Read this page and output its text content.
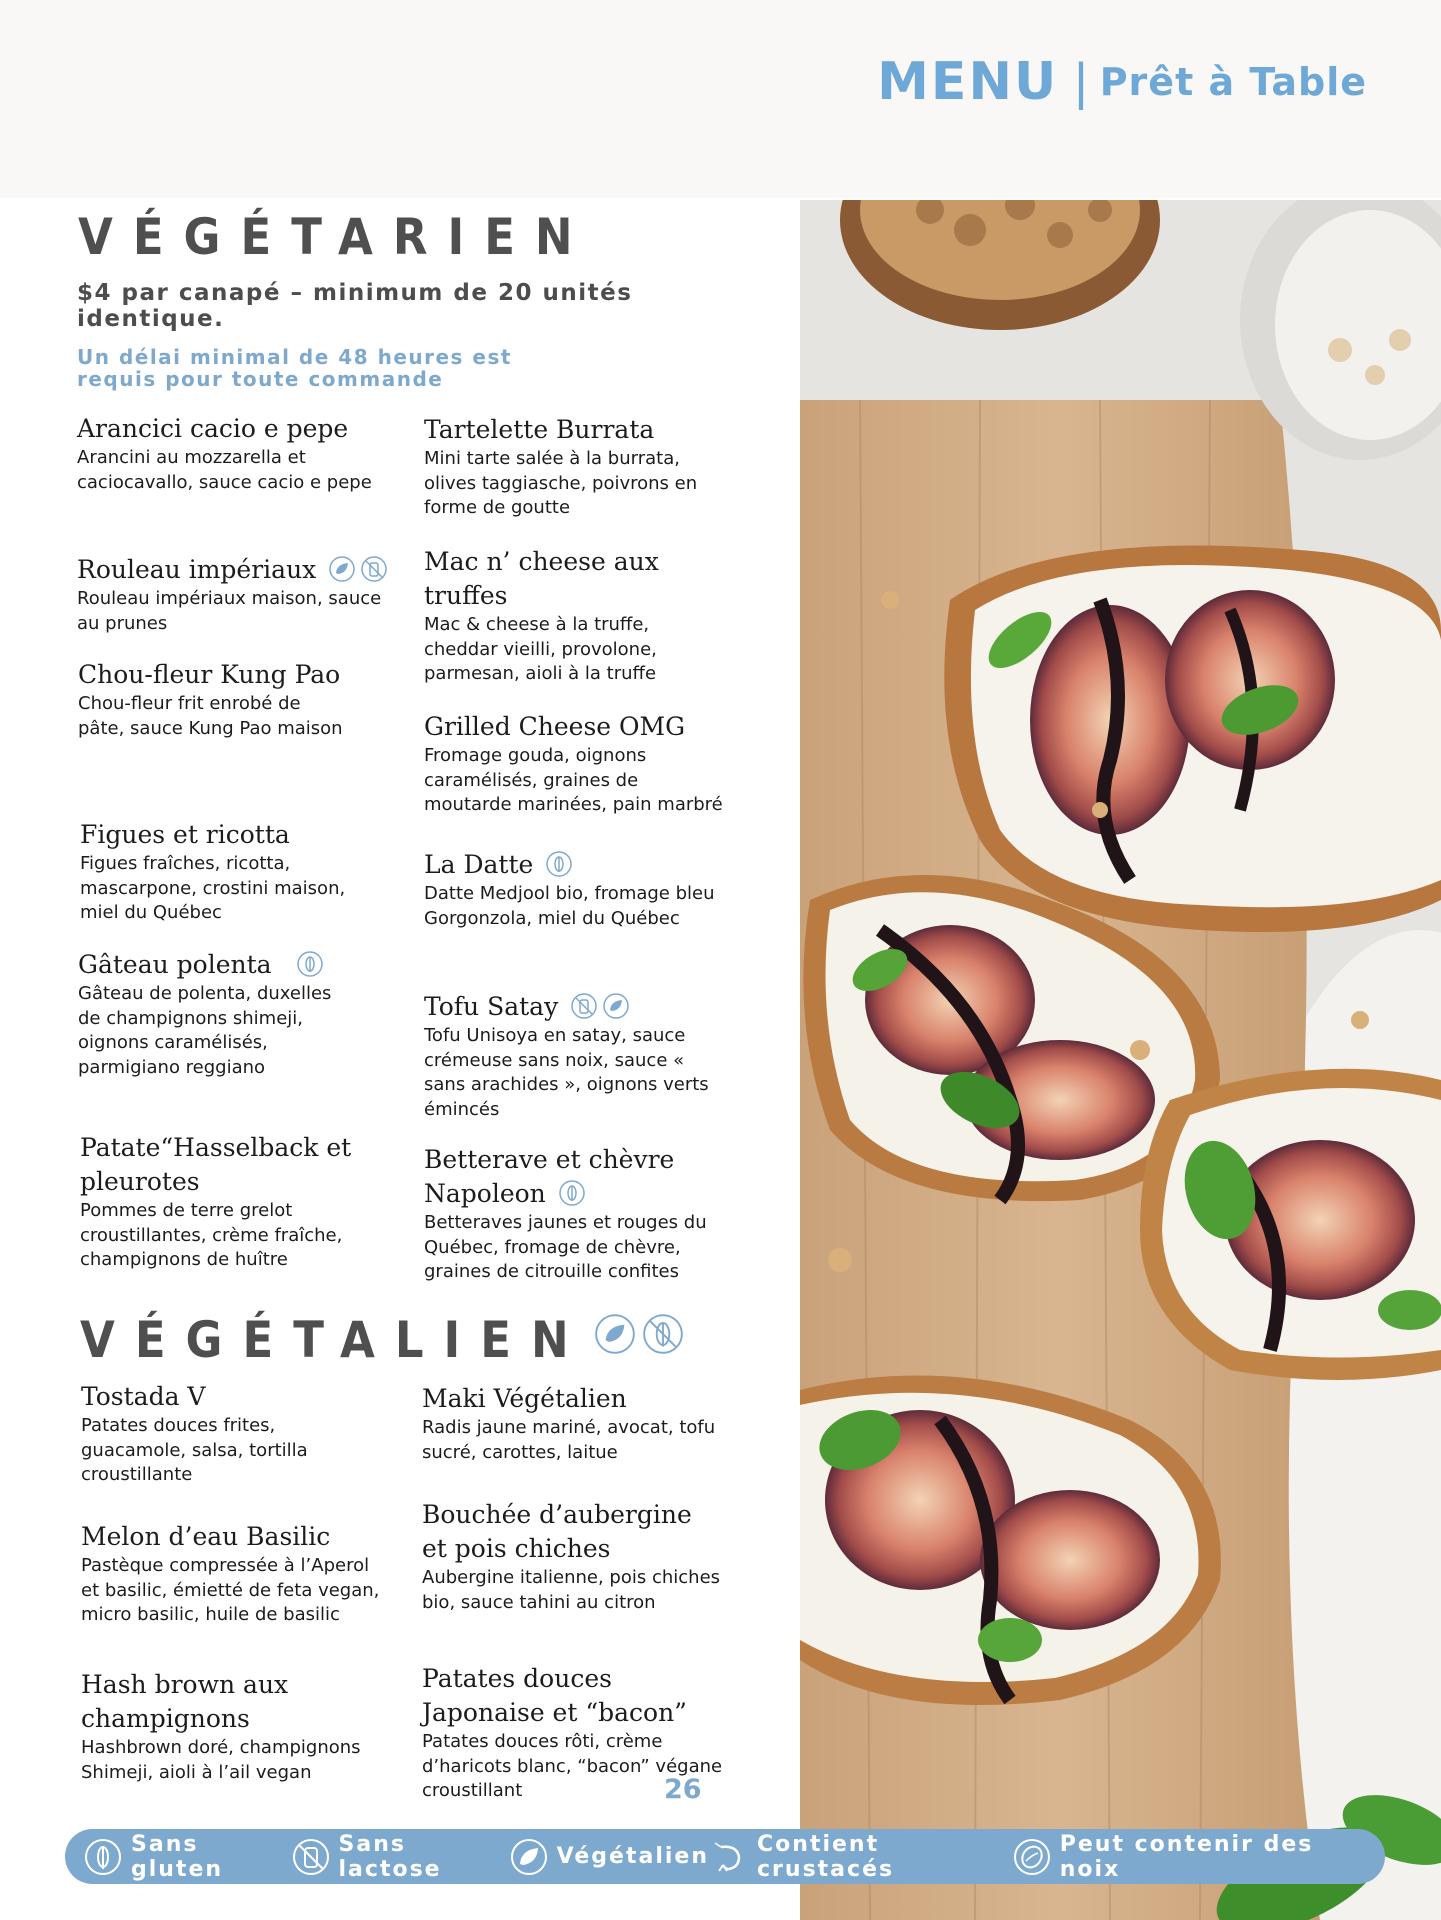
MENU | Prêt à Table
VÉGÉTARIEN
$4 par canapé – minimum de 20 unités identique.
Un délai minimal de 48 heures est requis pour toute commande
Arancici cacio e pepe
Arancini au mozzarella et caciocavallo, sauce cacio e pepe
Rouleau impériaux
Rouleau impériaux maison, sauce au prunes
Chou-fleur Kung Pao
Chou-fleur frit enrobé de pâte, sauce Kung Pao maison
Figues et ricotta
Figues fraîches, ricotta, mascarpone, crostini maison, miel du Québec
Gâteau polenta
Gâteau de polenta, duxelles de champignons shimeji, oignons caramélisés, parmigiano reggiano
Patate“Hasselback et pleurotes
Pommes de terre grelot croustillantes, crème fraîche, champignons de huître
Tartelette Burrata
Mini tarte salée à la burrata, olives taggiasche, poivrons en forme de goutte
Mac n’ cheese aux truffes
Mac & cheese à la truffe, cheddar vieilli, provolone, parmesan, aioli à la truffe
Grilled Cheese OMG
Fromage gouda, oignons caramélisés, graines de moutarde marinées, pain marbré
La Datte
Datte Medjool bio, fromage bleu Gorgonzola, miel du Québec
Tofu Satay
Tofu Unisoya en satay, sauce crémeuse sans noix, sauce « sans arachides », oignons verts émincés
Betterave et chèvre Napoleon
Betteraves jaunes et rouges du Québec, fromage de chèvre, graines de citrouille confites
VÉGÉTALIEN
Tostada V
Patates douces frites, guacamole, salsa, tortilla croustillante
Melon d’eau Basilic
Pastèque compressée à l’Aperol et basilic, émietté de feta vegan, micro basilic, huile de basilic
Hash brown aux champignons
Hashbrown doré, champignons Shimeji, aioli à l’ail vegan
Maki Végétalien
Radis jaune mariné, avocat, tofu sucré, carottes, laitue
Bouchée d’aubergine et pois chiches
Aubergine italienne, pois chiches bio, sauce tahini au citron
Patates douces Japonaise et “bacon”
Patates douces rôti, crème d’haricots blanc, “bacon” végane croustillant	26
Sans gluten
Sans lactose	Végétalien Contient crustacés
Peut contenir des noix
